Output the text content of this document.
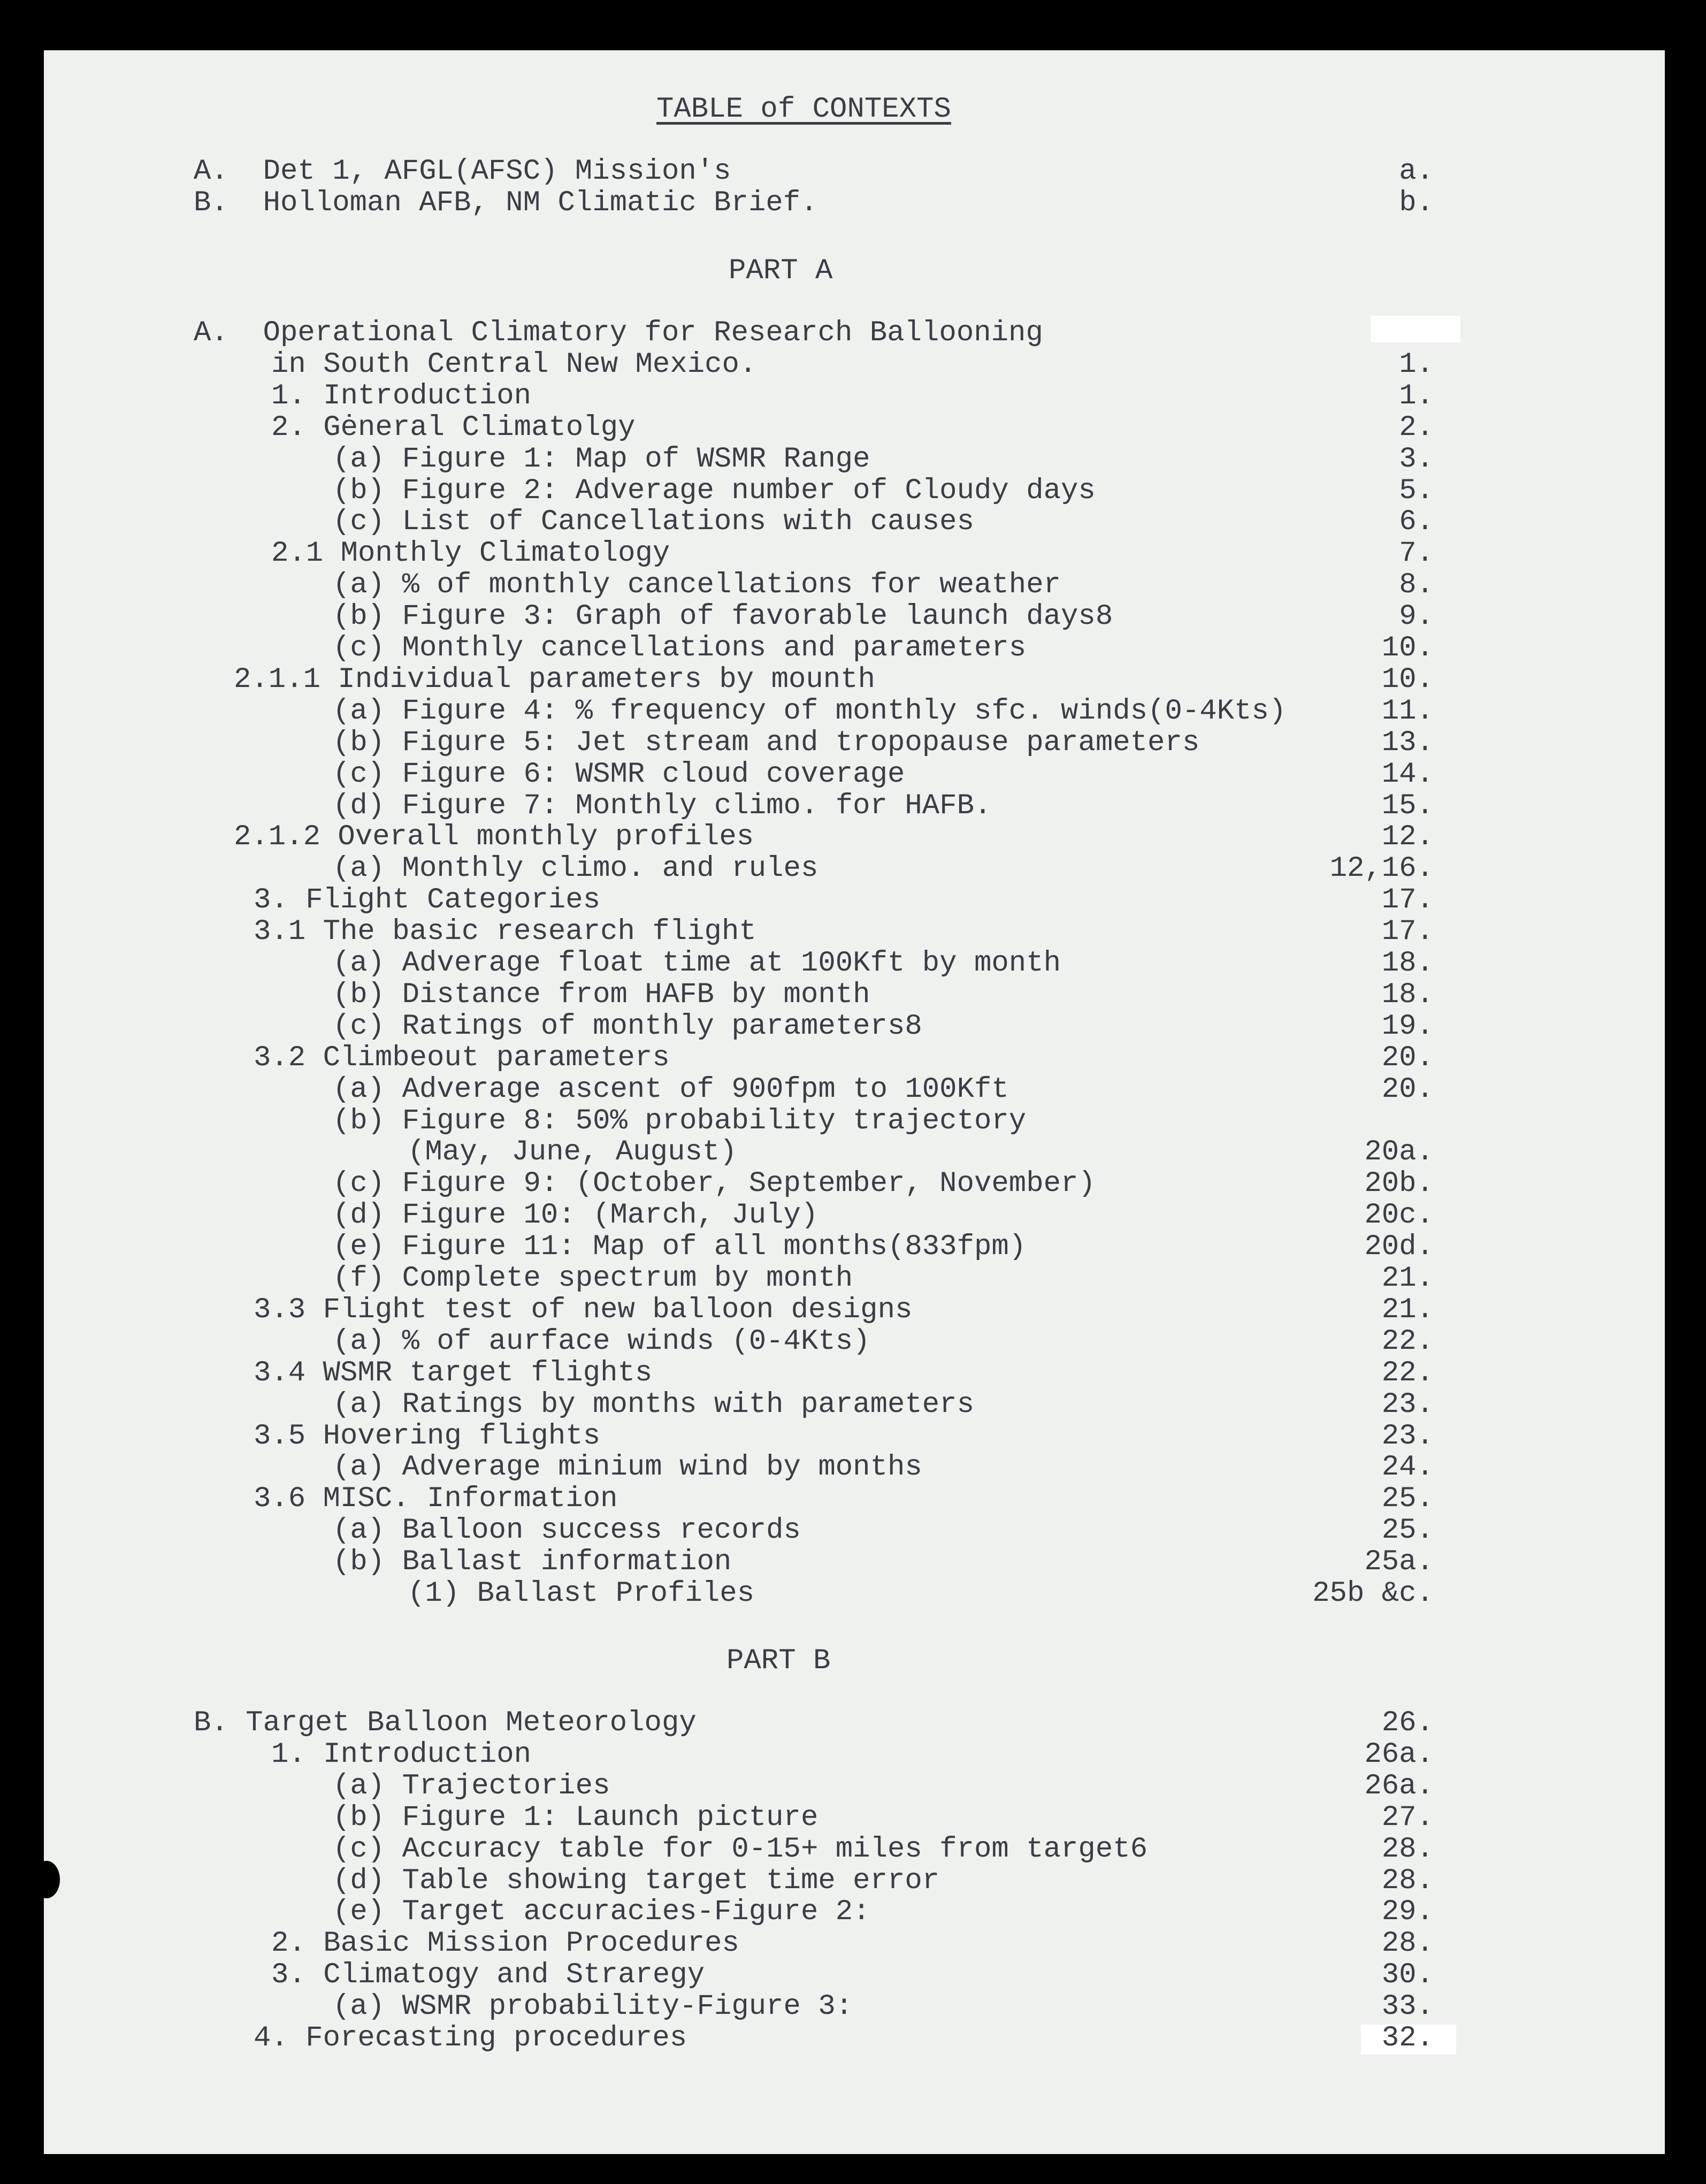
TABLE of CONTEXTS
A.  Det 1, AFGL(AFSC) Mission's	a.
B.  Holloman AFB, NM Climatic Brief.	b.
PART A
A.  Operational Climatory for Research Ballooning
in South Central New Mexico.	1.
1. Introduction	1.
2. Gėneral Climatolgy	2.
(a) Figure 1: Map of WSMR Range	3.
(b) Figure 2: Adverage number of Cloudy days	5.
(c) List of Cancellations with causes	6.
2.1 Monthly Climatology	7.
(a) % of monthly cancellations for weather	8.
(b) Figure 3: Graph of favorable launch days8	9.
(c) Monthly cancellations and parameters	10.
2.1.1 Individual parameters by mounth	10.
(a) Figure 4: % frequency of monthly sfc. winds(0-4Kts)	11.
(b) Figure 5: Jet stream and tropopause parameters	13.
(c) Figure 6: WSMR cloud coverage	14.
(d) Figure 7: Monthly climo. for HAFB.	15.
2.1.2 Overall monthly profiles	12.
(a) Monthly climo. and rules	12,16.
3. Flight Categories	17.
3.1 The basic research flight	17.
(a) Adverage float time at 100Kft by month	18.
(b) Distance from HAFB by month	18.
(c) Ratings of monthly parameters8	19.
3.2 Climbeout parameters	20.
(a) Adverage ascent of 900fpm to 100Kft	20.
(b) Figure 8: 50% probability trajectory
(May, June, August)	20a.
(c) Figure 9: (October, September, November)	20b.
(d) Figure 10: (March, July)	20c.
(e) Figure 11: Map of all months(833fpm)	20d.
(f) Complete spectrum by month	21.
3.3 Flight test of new balloon designs	21.
(a) % of aurface winds (0-4Kts)	22.
3.4 WSMR target flights	22.
(a) Ratings by months with parameters	23.
3.5 Hovering flights	23.
(a) Adverage minium wind by months	24.
3.6 MISC. Information	25.
(a) Balloon success records	25.
(b) Ballast information	25a.
(1) Ballast Profiles	25b &c.
PART B
B. Target Balloon Meteorology	26.
1. Introduction	26a.
(a) Trajectories	26a.
(b) Figure 1: Launch picture	27.
(c) Accuracy table for 0-15+ miles from target6	28.
(d) Table showing target time error	28.
(e) Target accuracies-Figure 2:	29.
2. Basic Mission Procedures	28.
3. Climatogy and Straregy	30.
(a) WSMR probability-Figure 3:	33.
4. Forecasting procedures	32.
